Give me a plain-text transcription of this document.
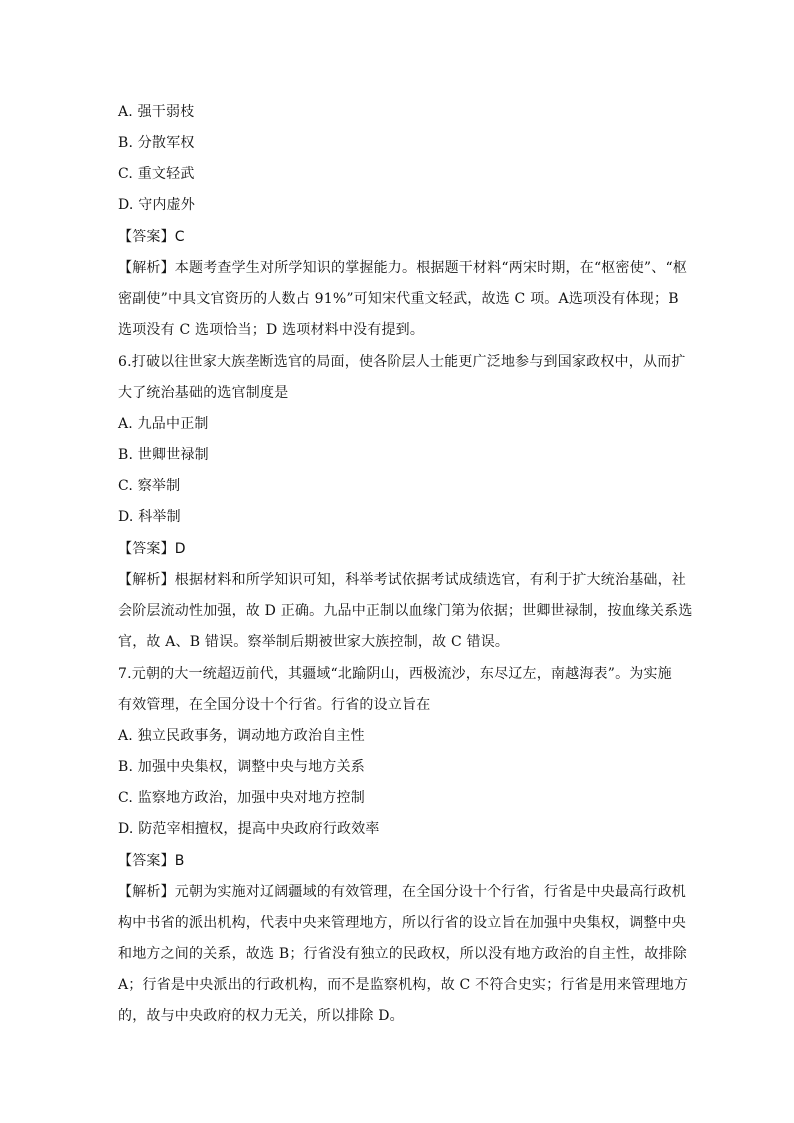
A. 强干弱枝
B. 分散军权
C. 重文轻武
D. 守内虚外
【答案】C
【解析】本题考查学生对所学知识的掌握能力。根据题干材料“两宋时期，在“枢密使”、“枢
密副使”中具文官资历的人数占 91%”可知宋代重文轻武，故选 C 项。A选项没有体现；B
选项没有 C 选项恰当；D 选项材料中没有提到。
6.打破以往世家大族垄断选官的局面，使各阶层人士能更广泛地参与到国家政权中，从而扩
大了统治基础的选官制度是
A. 九品中正制
B. 世卿世禄制
C. 察举制
D. 科举制
【答案】D
【解析】根据材料和所学知识可知，科举考试依据考试成绩选官，有利于扩大统治基础，社
会阶层流动性加强，故 D 正确。九品中正制以血缘门第为依据；世卿世禄制，按血缘关系选
官，故 A、B 错误。察举制后期被世家大族控制，故 C 错误。
7.元朝的大一统超迈前代，其疆域“北踰阴山，西极流沙，东尽辽左，南越海表”。为实施
有效管理，在全国分设十个行省。行省的设立旨在
A. 独立民政事务，调动地方政治自主性
B. 加强中央集权，调整中央与地方关系
C. 监察地方政治，加强中央对地方控制
D. 防范宰相擅权，提高中央政府行政效率
【答案】B
【解析】元朝为实施对辽阔疆域的有效管理，在全国分设十个行省，行省是中央最高行政机
构中书省的派出机构，代表中央来管理地方，所以行省的设立旨在加强中央集权，调整中央
和地方之间的关系，故选 B；行省没有独立的民政权，所以没有地方政治的自主性，故排除
A；行省是中央派出的行政机构，而不是监察机构，故 C 不符合史实；行省是用来管理地方
的，故与中央政府的权力无关，所以排除 D。
